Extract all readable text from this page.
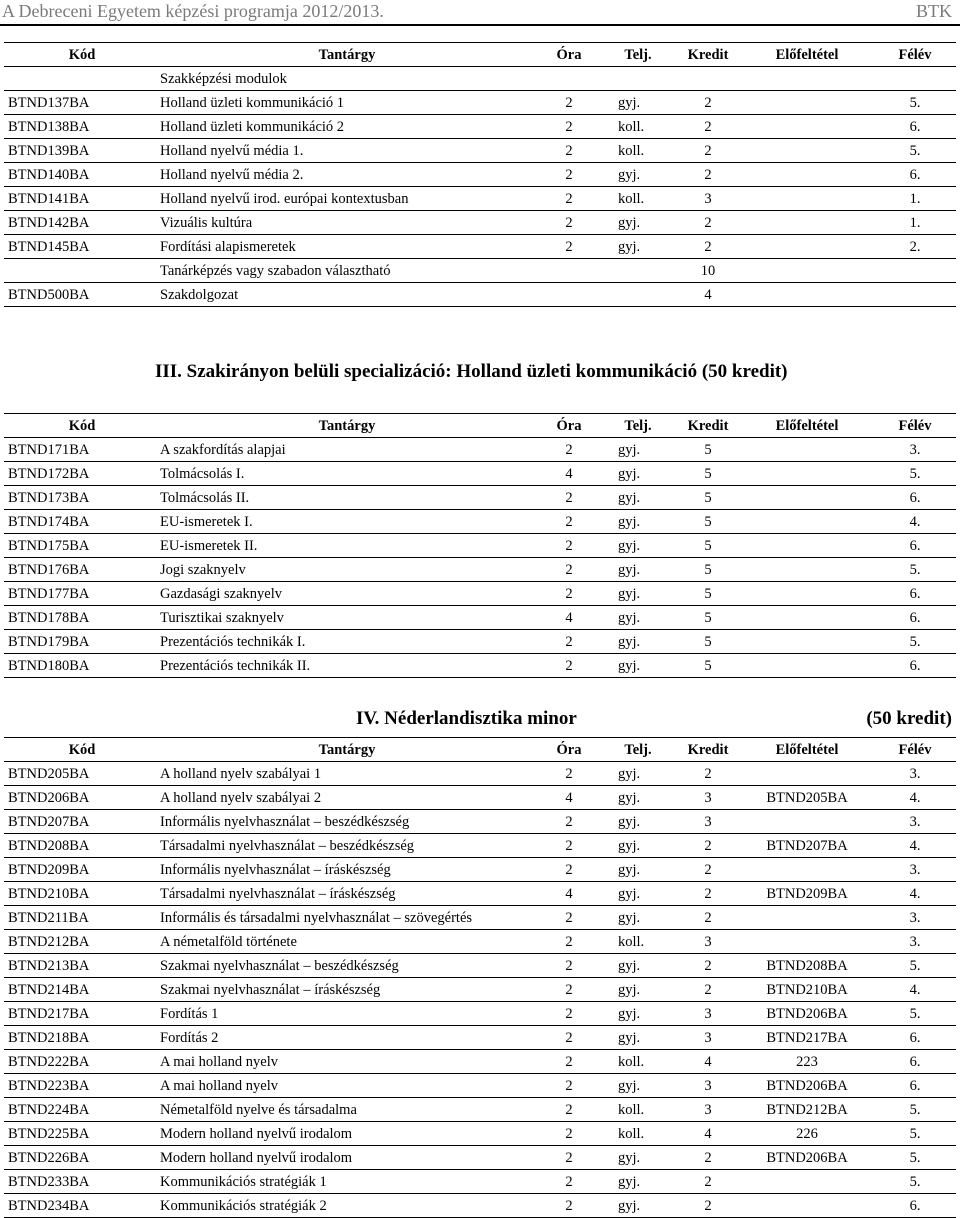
A Debreceni Egyetem képzési programja 2012/2013.	BTK
Kód	Tantárgy	Óra	Telj.	Kredit	Előfeltétel	Félév
	Szakképzési modulok					
BTND137BA	Holland üzleti kommunikáció 1	2	gyj.	2		5.
BTND138BA	Holland üzleti kommunikáció 2	2	koll.	2		6.
BTND139BA	Holland nyelvű média 1.	2	koll.	2		5.
BTND140BA	Holland nyelvű média 2.	2	gyj.	2		6.
BTND141BA	Holland nyelvű irod. európai kontextusban	2	koll.	3		1.
BTND142BA	Vizuális kultúra	2	gyj.	2		1.
BTND145BA	Fordítási alapismeretek	2	gyj.	2		2.
	Tanárképzés vagy szabadon választható			10		
BTND500BA	Szakdolgozat			4		
III. Szakirányon belüli specializáció: Holland üzleti kommunikáció (50 kredit)
Kód	Tantárgy	Óra	Telj.	Kredit	Előfeltétel	Félév
BTND171BA	A szakfordítás alapjai	2	gyj.	5		3.
BTND172BA	Tolmácsolás I.	4	gyj.	5		5.
BTND173BA	Tolmácsolás II.	2	gyj.	5		6.
BTND174BA	EU-ismeretek I.	2	gyj.	5		4.
BTND175BA	EU-ismeretek II.	2	gyj.	5		6.
BTND176BA	Jogi szaknyelv	2	gyj.	5		5.
BTND177BA	Gazdasági szaknyelv	2	gyj.	5		6.
BTND178BA	Turisztikai szaknyelv	4	gyj.	5		6.
BTND179BA	Prezentációs technikák I.	2	gyj.	5		5.
BTND180BA	Prezentációs technikák II.	2	gyj.	5		6.
IV. Néderlandisztika minor	(50 kredit)
Kód	Tantárgy	Óra	Telj.	Kredit	Előfeltétel	Félév
BTND205BA	A holland nyelv szabályai 1	2	gyj.	2		3.
BTND206BA	A holland nyelv szabályai 2	4	gyj.	3	BTND205BA	4.
BTND207BA	Informális nyelvhasználat – beszédkészség	2	gyj.	3		3.
BTND208BA	Társadalmi nyelvhasználat – beszédkészség	2	gyj.	2	BTND207BA	4.
BTND209BA	Informális nyelvhasználat – íráskészség	2	gyj.	2		3.
BTND210BA	Társadalmi nyelvhasználat – íráskészség	4	gyj.	2	BTND209BA	4.
BTND211BA	Informális és társadalmi nyelvhasználat – szövegértés	2	gyj.	2		3.
BTND212BA	A németalföld története	2	koll.	3		3.
BTND213BA	Szakmai nyelvhasználat – beszédkészség	2	gyj.	2	BTND208BA	5.
BTND214BA	Szakmai nyelvhasználat – íráskészség	2	gyj.	2	BTND210BA	4.
BTND217BA	Fordítás 1	2	gyj.	3	BTND206BA	5.
BTND218BA	Fordítás 2	2	gyj.	3	BTND217BA	6.
BTND222BA	A mai holland nyelv	2	koll.	4	223	6.
BTND223BA	A mai holland nyelv	2	gyj.	3	BTND206BA	6.
BTND224BA	Németalföld nyelve és társadalma	2	koll.	3	BTND212BA	5.
BTND225BA	Modern holland nyelvű irodalom	2	koll.	4	226	5.
BTND226BA	Modern holland nyelvű irodalom	2	gyj.	2	BTND206BA	5.
BTND233BA	Kommunikációs stratégiák 1	2	gyj.	2		5.
BTND234BA	Kommunikációs stratégiák 2	2	gyj.	2		6.
